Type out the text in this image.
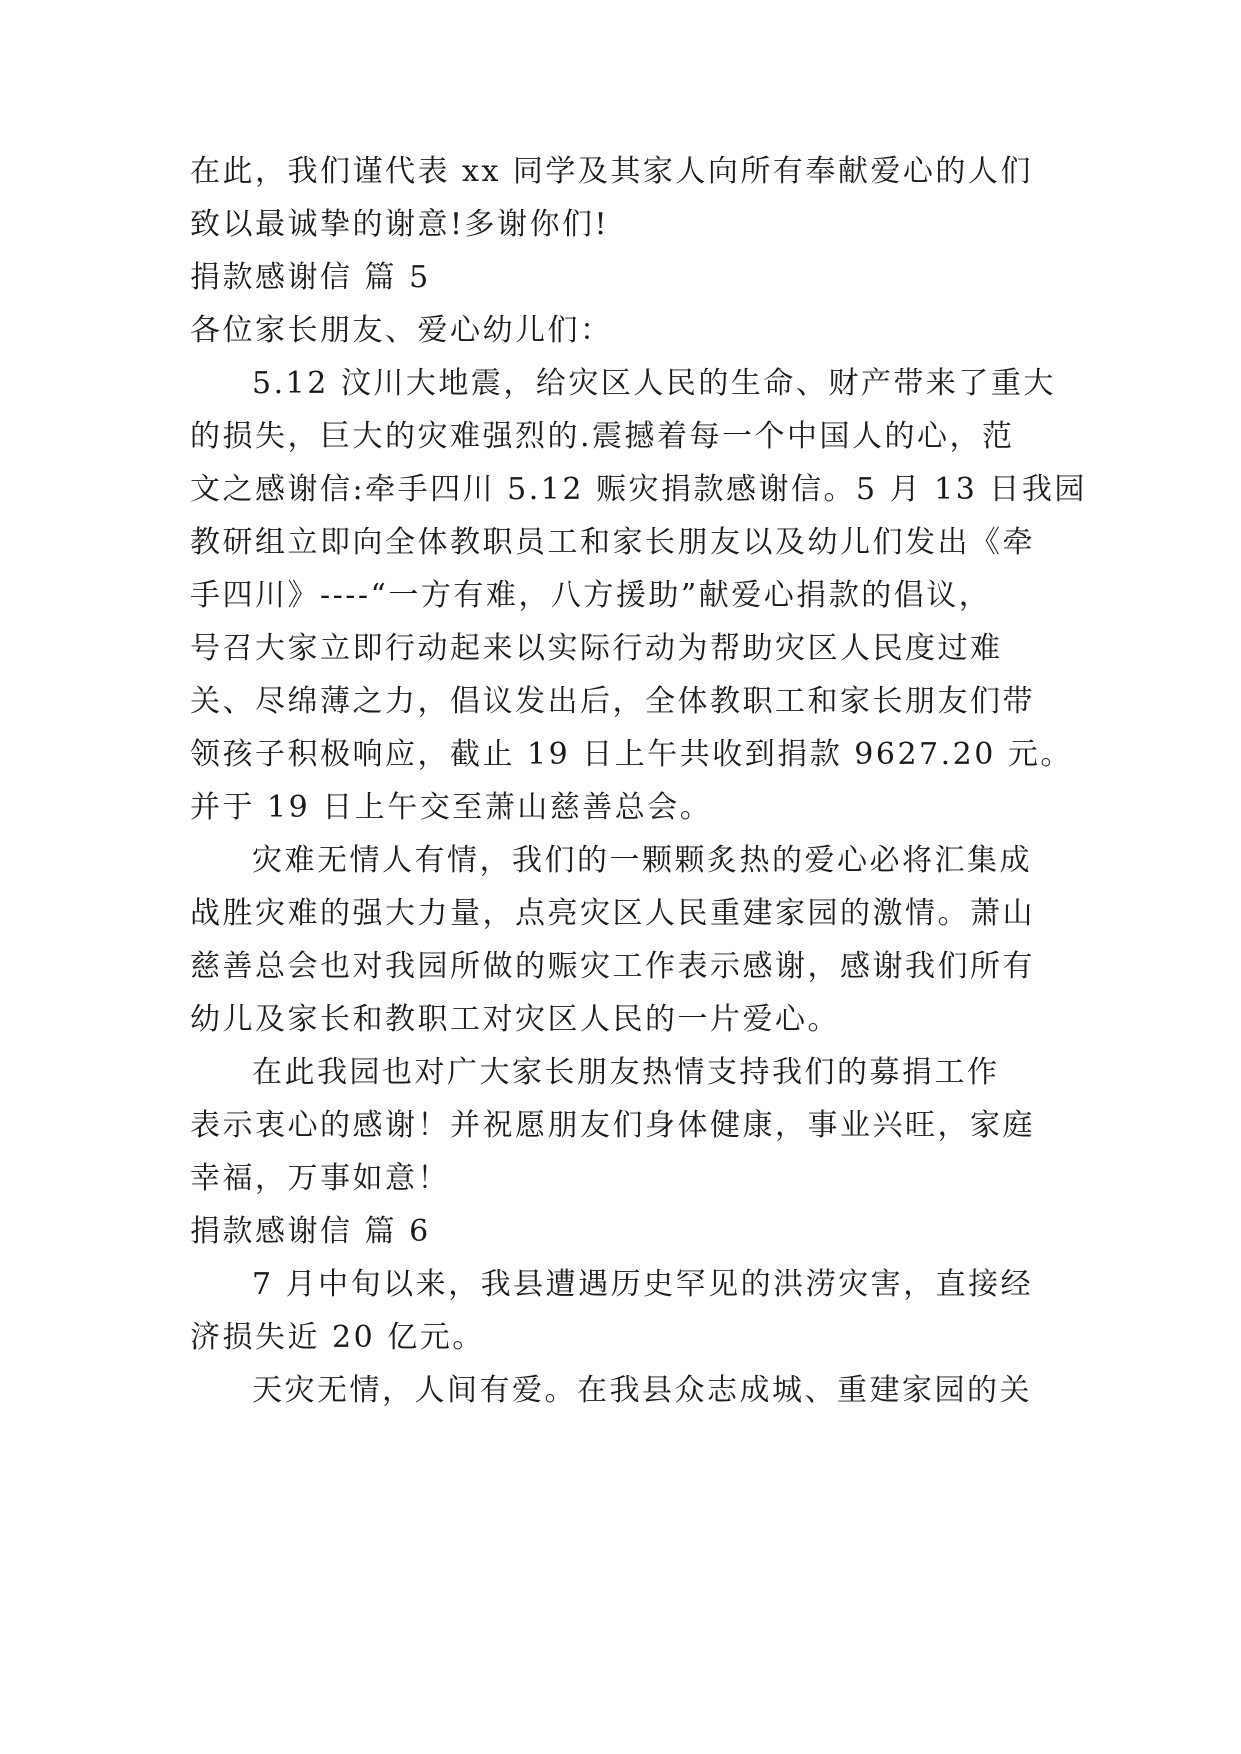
在此，我们谨代表 xx 同学及其家人向所有奉献爱心的人们
致以最诚挚的谢意!多谢你们!
捐款感谢信 篇 5
各位家长朋友、爱心幼儿们：
5.12 汶川大地震，给灾区人民的生命、财产带来了重大
的损失，巨大的灾难强烈的.震撼着每一个中国人的心，范
文之感谢信:牵手四川 5.12 赈灾捐款感谢信。5 月 13 日我园
教研组立即向全体教职员工和家长朋友以及幼儿们发出《牵
手四川》----“一方有难，八方援助”献爱心捐款的倡议，
号召大家立即行动起来以实际行动为帮助灾区人民度过难
关、尽绵薄之力，倡议发出后，全体教职工和家长朋友们带
领孩子积极响应，截止 19 日上午共收到捐款 9627.20 元。
并于 19 日上午交至萧山慈善总会。
灾难无情人有情，我们的一颗颗炙热的爱心必将汇集成
战胜灾难的强大力量，点亮灾区人民重建家园的激情。萧山
慈善总会也对我园所做的赈灾工作表示感谢，感谢我们所有
幼儿及家长和教职工对灾区人民的一片爱心。
在此我园也对广大家长朋友热情支持我们的募捐工作
表示衷心的感谢！并祝愿朋友们身体健康，事业兴旺，家庭
幸福，万事如意！
捐款感谢信 篇 6
7 月中旬以来，我县遭遇历史罕见的洪涝灾害，直接经
济损失近 20 亿元。
天灾无情，人间有爱。在我县众志成城、重建家园的关
